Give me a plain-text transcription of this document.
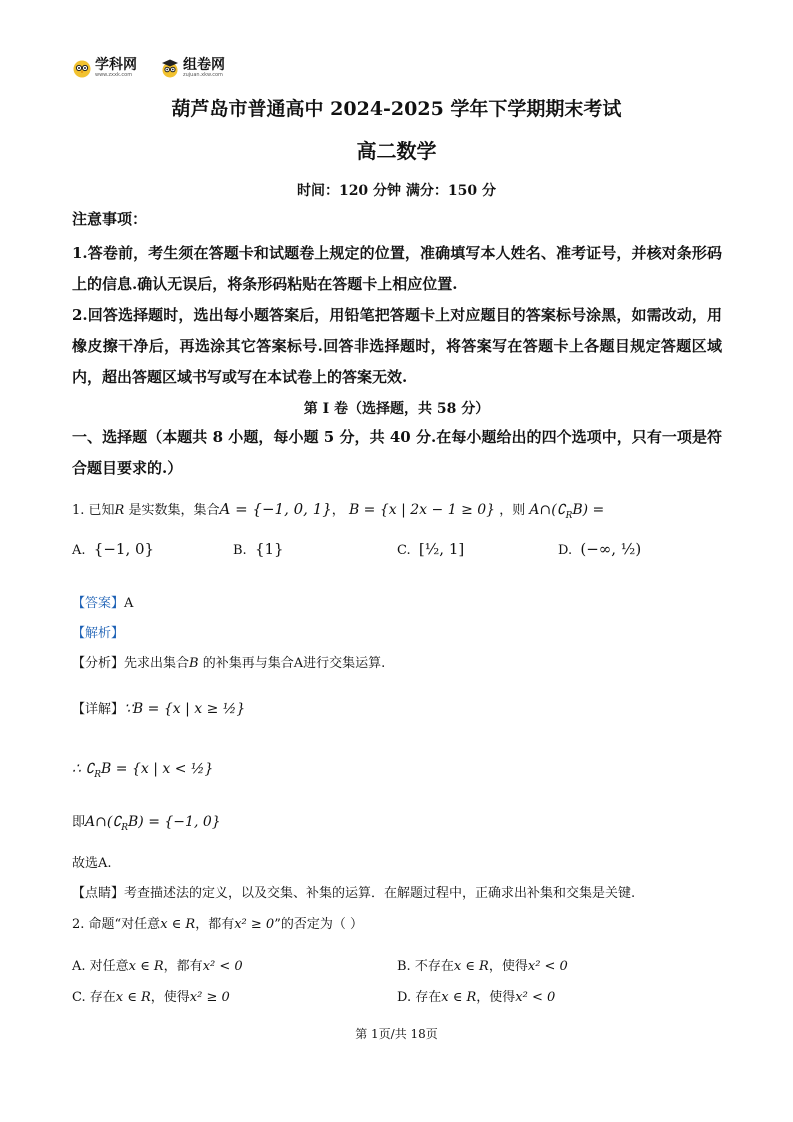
学科网
www.zxxk.com
组卷网
zujuan.xkw.com
葫芦岛市普通高中 2024-2025 学年下学期期末考试
高二数学
时间：120 分钟 满分：150 分
注意事项：
1.答卷前，考生须在答题卡和试题卷上规定的位置，准确填写本人姓名、准考证号，并核对条形码上的信息.确认无误后，将条形码粘贴在答题卡上相应位置.
2.回答选择题时，选出每小题答案后，用铅笔把答题卡上对应题目的答案标号涂黑，如需改动，用橡皮擦干净后，再选涂其它答案标号.回答非选择题时，将答案写在答题卡上各题目规定答题区域内，超出答题区域书写或写在本试卷上的答案无效.
第 I 卷（选择题，共 58 分）
一、选择题（本题共 8 小题，每小题 5 分，共 40 分.在每小题给出的四个选项中，只有一项是符合题目要求的.）
1. 已知R 是实数集，集合A = {−1, 0, 1}， B = {x | 2x − 1 ≥ 0} ，则 $A\cap(∁_RB)$ =
A. {−1, 0}	B. {1}	C. [½, 1]	D. (−∞, ½)
【答案】A
【解析】
【分析】先求出集合B 的补集再与集合A进行交集运算.
【详解】∵B = {x | x ≥ ½}
∴ $∁_RB = \{x$ | x < ½}
即$A\cap(∁_RB) = \{-1$, 0}
故选A.
【点睛】考查描述法的定义，以及交集、补集的运算．在解题过程中，正确求出补集和交集是关键.
2. 命题“对任意x ∈ R，都有x² ≥ 0”的否定为（ ）
A. 对任意x ∈ R，都有x² < 0	B. 不存在x ∈ R，使得x² < 0
C. 存在x ∈ R，使得x² ≥ 0	D. 存在x ∈ R，使得x² < 0
第 1页/共 18页
